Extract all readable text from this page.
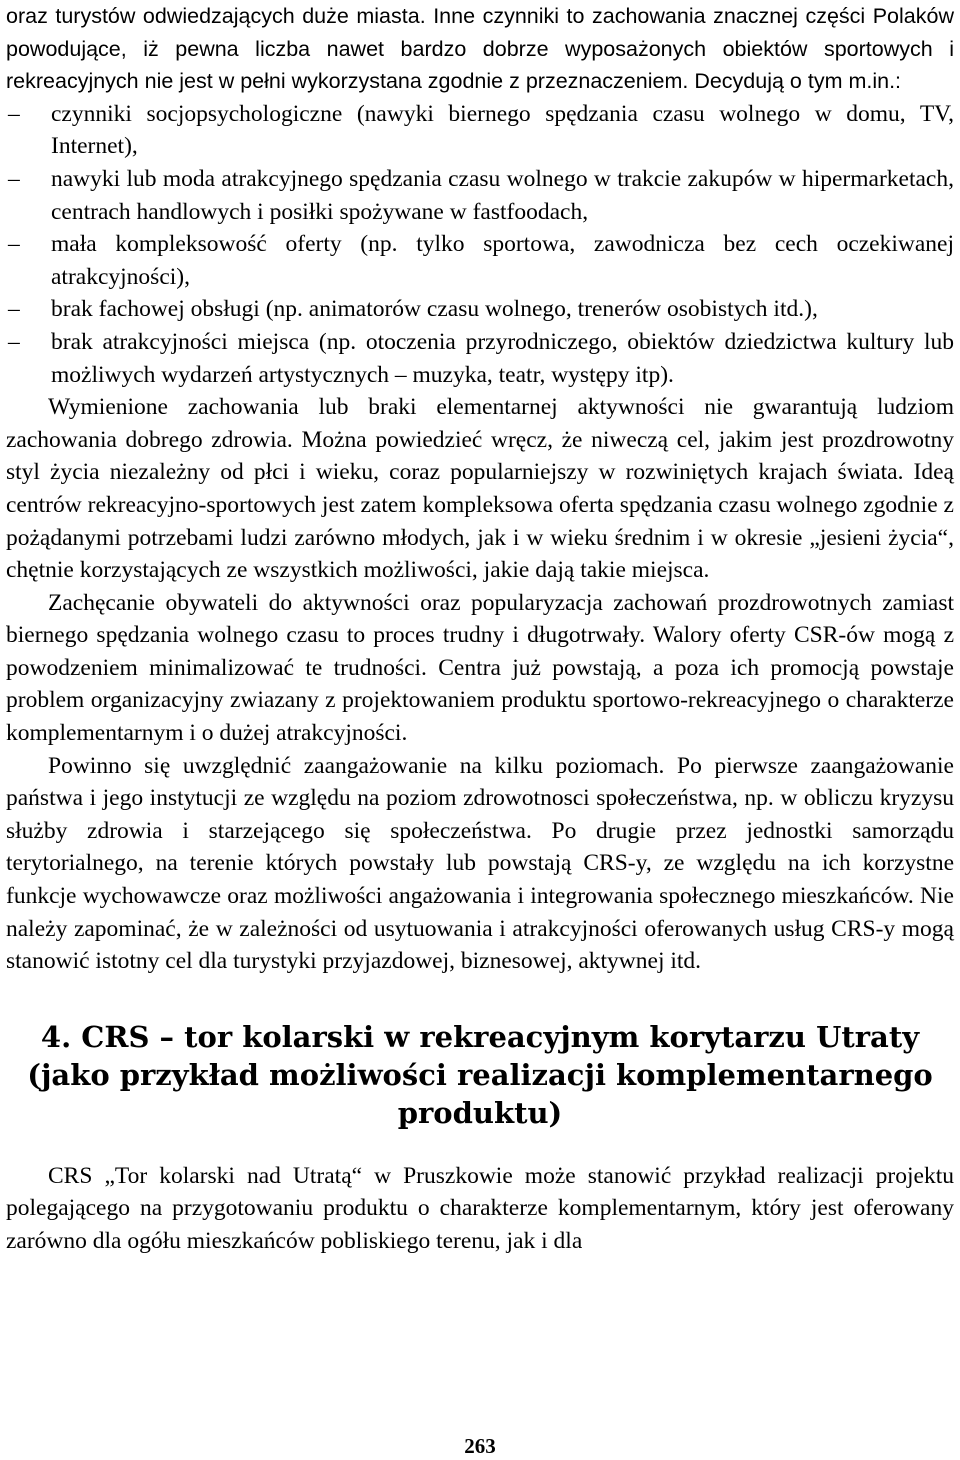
oraz turystów odwiedzających duże miasta. Inne czynniki to zachowania znacznej części Polaków powodujące, iż pewna liczba nawet bardzo dobrze wyposażonych obiektów sportowych i rekreacyjnych nie jest w pełni wykorzystana zgodnie z przeznaczeniem. Decydują o tym m.in.:

– czynniki socjopsychologiczne (nawyki biernego spędzania czasu wolnego w domu, TV, Internet),
– nawyki lub moda atrakcyjnego spędzania czasu wolnego w trakcie zakupów w hipermarketach, centrach handlowych i posiłki spożywane w fastfoodach,
– mała kompleksowość oferty (np. tylko sportowa, zawodnicza bez cech oczekiwanej atrakcyjności),
– brak fachowej obsługi (np. animatorów czasu wolnego, trenerów osobistych itd.),
– brak atrakcyjności miejsca (np. otoczenia przyrodniczego, obiektów dziedzictwa kultury lub możliwych wydarzeń artystycznych – muzyka, teatr, występy itp).

Wymienione zachowania lub braki elementarnej aktywności nie gwarantują ludziom zachowania dobrego zdrowia. Można powiedzieć wręcz, że niweczą cel, jakim jest prozdrowotny styl życia niezależny od płci i wieku, coraz popularniejszy w rozwiniętych krajach świata. Ideą centrów rekreacyjno-sportowych jest zatem kompleksowa oferta spędzania czasu wolnego zgodnie z pożądanymi potrzebami ludzi zarówno młodych, jak i w wieku średnim i w okresie „jesieni życia“, chętnie korzystających ze wszystkich możliwości, jakie dają takie miejsca.

Zachęcanie obywateli do aktywności oraz popularyzacja zachowań prozdrowotnych zamiast biernego spędzania wolnego czasu to proces trudny i długotrwały. Walory oferty CSR-ów mogą z powodzeniem minimalizować te trudności. Centra już powstają, a poza ich promocją powstaje problem organizacyjny zwiazany z projektowaniem produktu sportowo-rekreacyjnego o charakterze komplementarnym i o dużej atrakcyjności.

Powinno się uwzględnić zaangażowanie na kilku poziomach. Po pierwsze zaangażowanie państwa i jego instytucji ze względu na poziom zdrowotnosci społeczeństwa, np. w obliczu kryzysu służby zdrowia i starzejącego się społeczeństwa. Po drugie przez jednostki samorządu terytorialnego, na terenie których powstały lub powstają CRS-y, ze względu na ich korzystne funkcje wychowawcze oraz możliwości angażowania i integrowania społecznego mieszkańców. Nie należy zapominać, że w zależności od usytuowania i atrakcyjności oferowanych usług CRS-y mogą stanowić istotny cel dla turystyki przyjazdowej, biznesowej, aktywnej itd.

4. CRS – tor kolarski w rekreacyjnym korytarzu Utraty
(jako przykład możliwości realizacji komplementarnego
produktu)

CRS „Tor kolarski nad Utratą“ w Pruszkowie może stanowić przykład realizacji projektu polegającego na przygotowaniu produktu o charakterze komplementarnym, który jest oferowany zarówno dla ogółu mieszkańców pobliskiego terenu, jak i dla

263
